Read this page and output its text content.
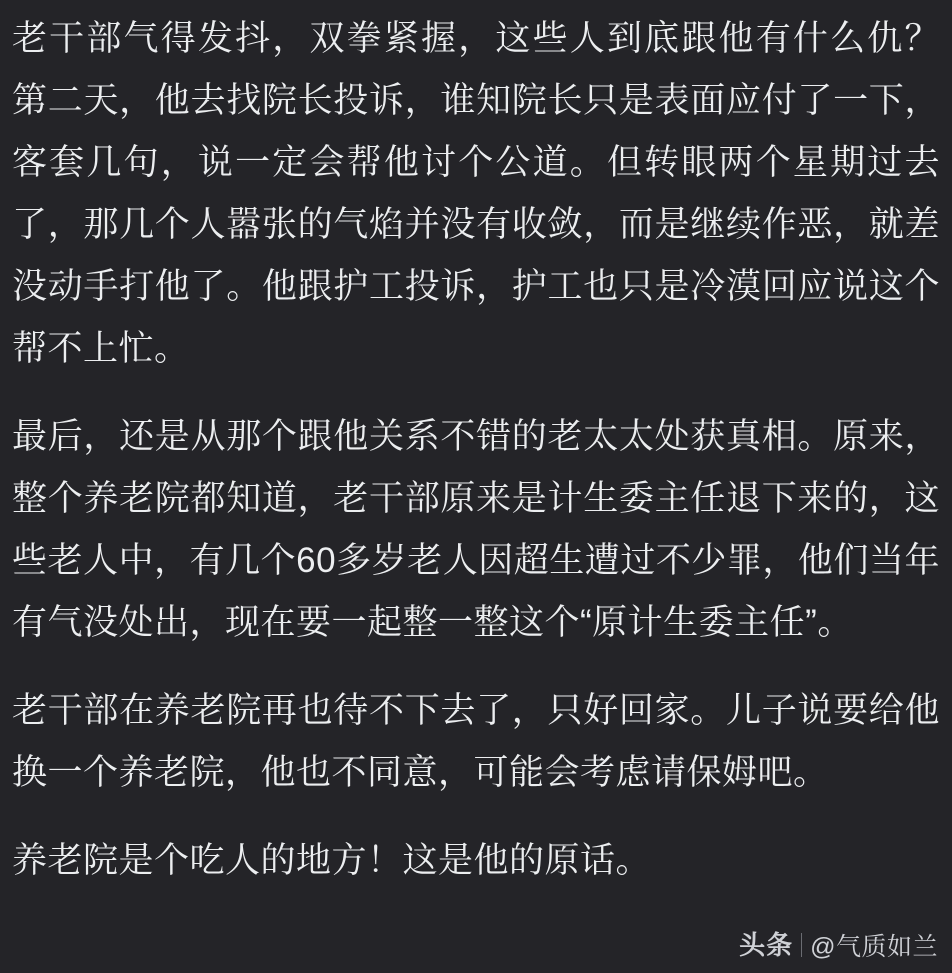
老干部气得发抖，双拳紧握，这些人到底跟他有什么仇？ 第二天，他去找院长投诉，谁知院长只是表面应付了一下，客套几句，说一定会帮他讨个公道。但转眼两个星期过去了，那几个人嚣张的气焰并没有收敛，而是继续作恶，就差没动手打他了。他跟护工投诉，护工也只是冷漠回应说这个帮不上忙。

最后，还是从那个跟他关系不错的老太太处获真相。原来，整个养老院都知道，老干部原来是计生委主任退下来的，这些老人中，有几个60多岁老人因超生遭过不少罪，他们当年有气没处出，现在要一起整一整这个“原计生委主任”。

老干部在养老院再也待不下去了，只好回家。儿子说要给他换一个养老院，他也不同意，可能会考虑请保姆吧。

养老院是个吃人的地方！这是他的原话。

头条 @气质如兰
